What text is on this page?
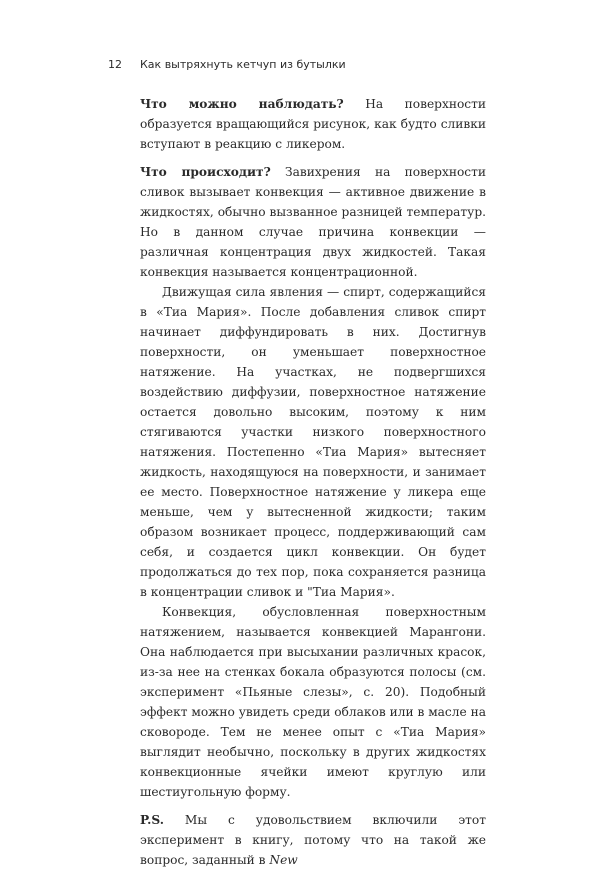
12 Как вытряхнуть кетчуп из бутылки

Что можно наблюдать? На поверхности образуется вращающийся рисунок, как будто сливки вступают в реакцию с ликером.

Что происходит? Завихрения на поверхности сливок вызывает конвекция — активное движение в жидкостях, обычно вызванное разницей температур. Но в данном случае причина конвекции — различная концентрация двух жидкостей. Такая конвекция называется концентрационной.

Движущая сила явления — спирт, содержащийся в «Тиа Мария». После добавления сливок спирт начинает диффундировать в них. Достигнув поверхности, он уменьшает поверхностное натяжение. На участках, не подвергшихся воздействию диффузии, поверхностное натяжение остается довольно высоким, поэтому к ним стягиваются участки низкого поверхностного натяжения. Постепенно «Тиа Мария» вытесняет жидкость, находящуюся на поверхности, и занимает ее место. Поверхностное натяжение у ликера еще меньше, чем у вытесненной жидкости; таким образом возникает процесс, поддерживающий сам себя, и создается цикл конвекции. Он будет продолжаться до тех пор, пока сохраняется разница в концентрации сливок и "Тиа Мария».

Конвекция, обусловленная поверхностным натяжением, называется конвекцией Марангони. Она наблюдается при высыхании различных красок, из-за нее на стенках бокала образуются полосы (см. эксперимент «Пьяные слезы», с. 20). Подобный эффект можно увидеть среди облаков или в масле на сковороде. Тем не менее опыт с «Тиа Мария» выглядит необычно, поскольку в других жидкостях конвекционные ячейки имеют круглую или шестиугольную форму.

P.S. Мы с удовольствием включили этот эксперимент в книгу, потому что на такой же вопрос, заданный в New
